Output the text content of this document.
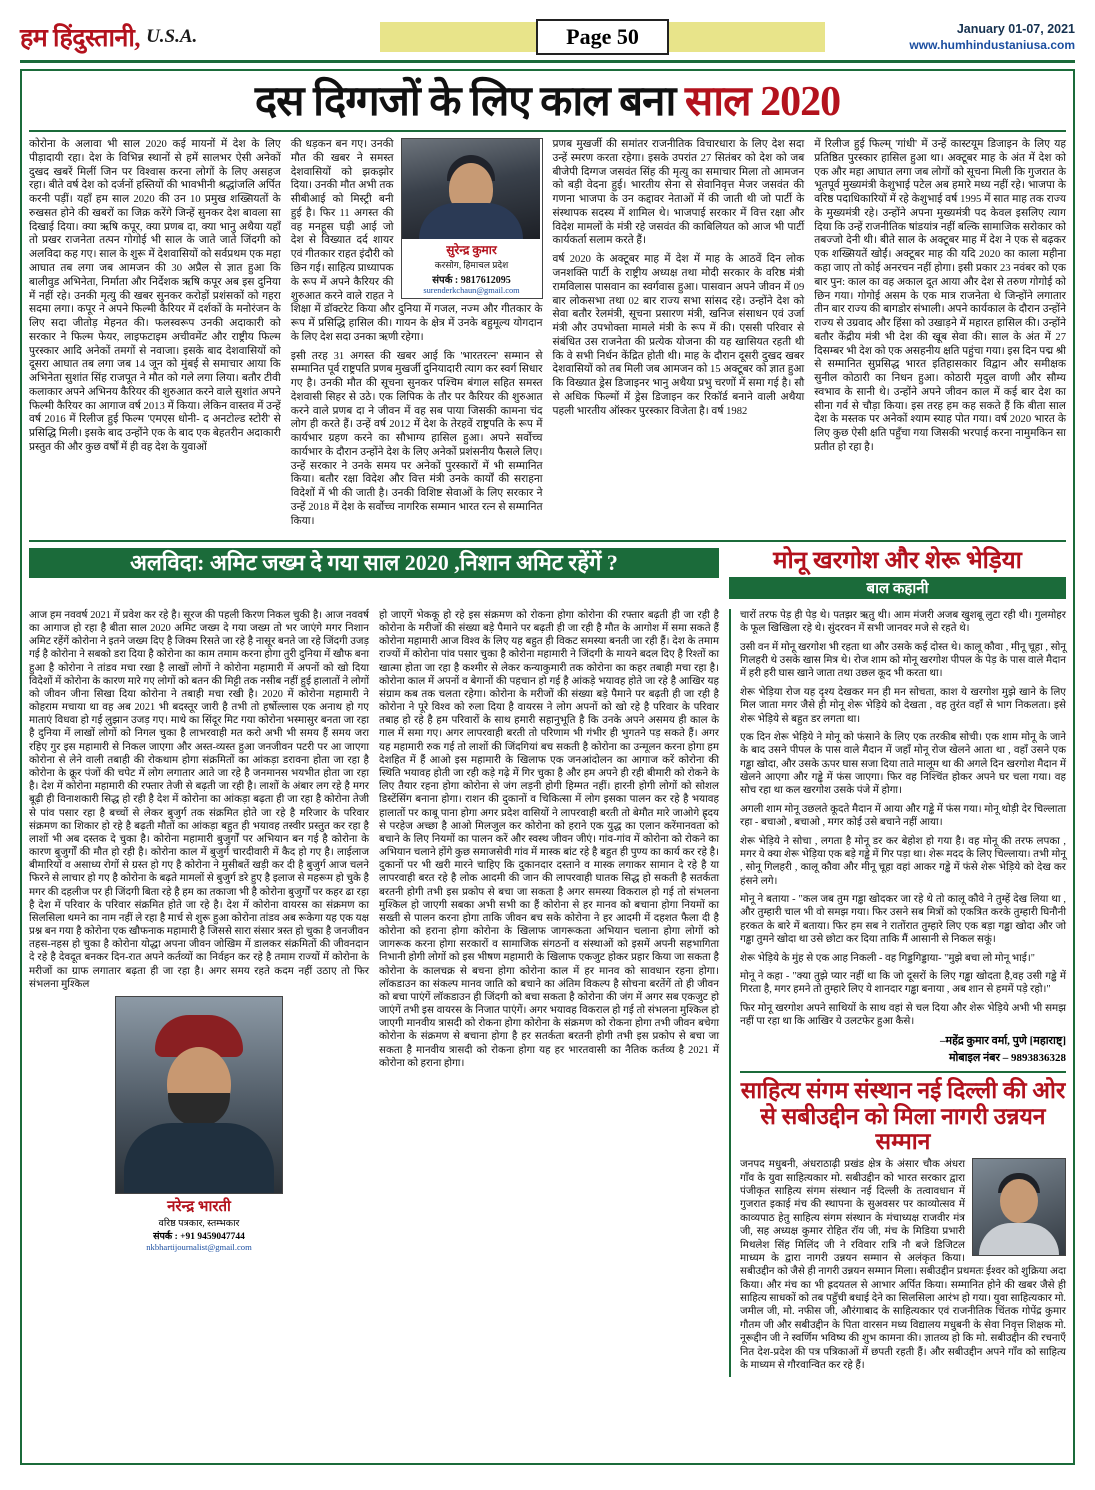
हम हिंदुस्तानी, U.S.A.	Page 50	January 01-07, 2021
www.humhindustaniusa.com
दस दिग्गजों के लिए काल बना साल 2020

कोरोना के अलावा भी साल 2020 कई मायनों में देश के लिए पीड़ादायी रहा। देश के विभिन्न स्थानों से हमें सालभर ऐसी अनेकों दुखद खबरें मिलीं जिन पर विश्वास करना लोगों के लिए असहज रहा। बीते वर्ष देश को दर्जनों हस्तियों की भावभीनी श्रद्धांजलि अर्पित करनी पड़ीं। यहाँ हम साल 2020 की उन 10 प्रमुख शख्सियतों के रुखसत होने की खबरों का जिक्र करेंगे जिन्हें सुनकर देश बावला सा दिखाई दिया। क्या ऋषि कपूर, क्या प्रणब दा, क्या भानु अथैया यहाँ तो प्रखर राजनेता तत्पन गोगोई भी साल के जाते जाते जिंदगी को अलविदा कह गए। साल के शुरू में देशवासियों को सर्वप्रथम एक महा आघात तब लगा जब आमजन की 30 अप्रैल से ज्ञात हुआ कि बालीवुड अभिनेता, निर्माता और निर्देशक ऋषि कपूर अब इस दुनिया में नहीं रहे। उनकी मृत्यु की खबर सुनकर करोड़ों प्रशंसकों को गहरा सदमा लगा। कपूर ने अपने फिल्मी कैरियर में दर्शकों के मनोरंजन के लिए सदा जीतोड़ मेहनत की। फलस्वरूप उनकी अदाकारी को सरकार ने फिल्म फेयर, लाइफटाइम अचीवमेंट और राष्ट्रीय फिल्म पुरस्कार आदि अनेकों तमगों से नवाजा। इसके बाद देशवासियों को दूसरा आघात तब लगा जब 14 जून को मुंबई से समाचार आया कि अभिनेता सुशांत सिंह राजपूत ने मौत को गले लगा लिया। बतौर टीवी कलाकार अपने अभिनय कैरियर की शुरुआत करने वाले सुशांत अपने फिल्मी कैरियर का आगाज वर्ष 2013 में किया। लेकिन वास्तव में उन्हें वर्ष 2016 में रिलीज हुई फिल्म 'एमएस धोनी- द अनटोल्ड स्टोरी' से प्रसिद्धि मिली। इसके बाद उन्होंने एक के बाद एक बेहतरीन अदाकारी प्रस्तुत की और कुछ वर्षों में ही वह देश के युवाओं

सुरेन्द्र कुमार
करसोग, हिमाचल प्रदेश
संपर्क : 9817612095
surenderkchaun@gmail.com

की धड़कन बन गए। उनकी मौत की खबर ने समस्त देशवासियों को झकझोर दिया। उनकी मौत अभी तक सीबीआई को मिस्ट्री बनी हुई है। फिर 11 अगस्त की वह मनहूस घड़ी आई जो देश से विख्यात दर्द शायर एवं गीतकार राहत इंदौरी को छिन गई। साहित्य प्राध्यापक के रूप में अपने कैरियर की शुरुआत करने वाले राहत ने शिक्षा में डॉक्टरेट किया और दुनिया में गजल, नज्म और गीतकार के रूप में प्रसिद्धि हासिल की। गायन के क्षेत्र में उनके बहुमूल्य योगदान के लिए देश सदा उनका ऋणी रहेगा।

इसी तरह 31 अगस्त की खबर आई कि 'भारतरत्न' सम्मान से सम्मानित पूर्व राष्ट्रपति प्रणब मुखर्जी दुनियादारी त्याग कर स्वर्ग सिधार गए है। उनकी मौत की सूचना सुनकर पश्चिम बंगाल सहित समस्त देशवासी सिहर से उठे। एक लिपिक के तौर पर कैरियर की शुरुआत करने वाले प्रणब दा ने जीवन में वह सब पाया जिसकी कामना चंद लोग ही करते हैं। उन्हें वर्ष 2012 में देश के तेरहवें राष्ट्रपति के रूप में कार्यभार ग्रहण करने का सौभाग्य हासिल हुआ। अपने सर्वोच्च कार्यभार के दौरान उन्होंने देश के लिए अनेकों प्रशंसनीय फैसले लिए। उन्हें सरकार ने उनके समय पर अनेकों पुरस्कारों में भी सम्मानित किया। बतौर रक्षा विदेश और वित्त मंत्री उनके कार्यों की सराहना विदेशों में भी की जाती है। उनकी विशिष्ट सेवाओं के लिए सरकार ने उन्हें 2018 में देश के सर्वोच्च नागरिक सम्मान भारत रत्न से सम्मानित किया।

प्रणब मुखर्जी की समांतर राजनीतिक विचारधारा के लिए देश सदा उन्हें स्मरण करता रहेगा। इसके उपरांत 27 सितंबर को देश को जब बीजेपी दिग्गज जसवंत सिंह की मृत्यु का समाचार मिला तो आमजन को बड़ी वेदना हुई। भारतीय सेना से सेवानिवृत्त मेजर जसवंत की गणना भाजपा के उन कद्दावर नेताओं में की जाती थी जो पार्टी के संस्थापक सदस्य में शामिल थे। भाजपाई सरकार में वित्त रक्षा और विदेश मामलों के मंत्री रहे जसवंत की काबिलियत को आज भी पार्टी कार्यकर्ता सलाम करते हैं।

वर्ष 2020 के अक्टूबर माह में देश में माह के आठवें दिन लोक जनशक्ति पार्टी के राष्ट्रीय अध्यक्ष तथा मोदी सरकार के वरिष्ठ मंत्री रामविलास पासवान का स्वर्गवास हुआ। पासवान अपने जीवन में 09 बार लोकसभा तथा 02 बार राज्य सभा सांसद रहे। उन्होंने देश को सेवा बतौर रेलमंत्री, सूचना प्रसारण मंत्री, खनिज संसाधन एवं उर्जा मंत्री और उपभोक्ता मामले मंत्री के रूप में की। एससी परिवार से संबंधित उस राजनेता की प्रत्येक योजना की यह खासियत रहती थी कि वे सभी निर्धन केंद्रित होती थी। माह के दौरान दूसरी दुखद खबर देशवासियों को तब मिली जब आमजन को 15 अक्टूबर को ज्ञात हुआ कि विख्यात ड्रेस डिजाइनर भानु अथैया प्रभु चरणों में समा गई है। सौ से अधिक फिल्मों में ड्रेस डिजाइन कर रिकॉर्ड बनाने वाली अथैया पहली भारतीय ऑस्कर पुरस्कार विजेता है। वर्ष 1982

में रिलीज हुई फिल्म् 'गांधी' में उन्हें कास्टयूम डिजाइन के लिए यह प्रतिष्ठित पुरस्कार हासिल हुआ था। अक्टूबर माह के अंत में देश को एक और महा आघात लगा जब लोगों को सूचना मिली कि गुजरात के भूतपूर्व मुख्यमंत्री केशुभाई पटेल अब हमारे मध्य नहीं रहे। भाजपा के वरिष्ठ पदाधिकारियों में रहे केशुभाई वर्ष 1995 में सात माह तक राज्य के मुख्यमंत्री रहे। उन्होंने अपना मुख्यमंत्री पद केवल इसलिए त्याग दिया कि उन्हें राजनीतिक षांडयांत्र नहीं बल्कि सामाजिक सरोकार को तबज्जो देनी थी। बीते साल के अक्टूबर माह में देश ने एक से बढ़कर एक शख्सियतें खोईं। अक्टूबर माह की यदि 2020 का काला महीना कहा जाए तो कोई अनरचन नहीं होगा। इसी प्रकार 23 नवंबर को एक बार पुन: काल का वह अकाल दूत आया और देश से तरुण गोगोई को छिन गया। गोगोई असम के एक मात्र राजनेता थे जिन्होंने लगातार तीन बार राज्य की बागडोर संभाली। अपने कार्यकाल के दौरान उन्होंने राज्य से उग्रवाद और हिंसा को उखाड़ने में महारत हासिल की। उन्होंने बतौर केंद्रीय मंत्री भी देश की खूब सेवा की। साल के अंत में 27 दिसम्बर भी देश को एक असहनीय क्षति पहुंचा गया। इस दिन पद्म श्री से सम्मानित सुप्रसिद्ध भारत इतिहासकार विद्वान और समीक्षक सुनील कोठारी का निधन हुआ। कोठारी मृदुल वाणी और सौम्य स्वभाव के सानी थे। उन्होंने अपने जीवन काल में कई बार देश का सीना गर्व से चौड़ा किया। इस तरह हम कह सकते हैं कि बीता साल देश के मस्तक पर अनेकों श्याम स्याह पोत गया। वर्ष 2020 भारत के लिए कुछ ऐसी क्षति पहुँचा गया जिसकी भरपाई करना नामुमकिन सा प्रतीत हो रहा है।

अलविदा: अमिट जख्म दे गया साल 2020 ,निशान अमिट रहेंगें ?	मोनू खरगोश और शेरू भेड़िया
बाल कहानी

आज हम नववर्ष 2021 में प्रवेश कर रहे है। सूरज की पहली किरण निकल चुकी है। आज नववर्ष का आगाज हो रहा है बीता साल 2020 अमिट जख्म दे गया जख्म तो भर जाएंगे मगर निशान अमिट रहेंगें कोरोना ने इतने जख्म दिए है जिक्म रिसते जा रहे है नासूर बनते जा रहे जिंदगी उजड़ गई है कोरोना ने सबको डरा दिया है कोरोना का काम तमाम करना होगा तुरी दुनिया में खौफ बना हुआ है कोरोना ने तांडव मचा रखा है लाखों लोगों ने कोरोना महामारी में अपनों को खो दिया विदेशों में कोरोना के कारण मारे गए लोगों को बतन की मिट्टी तक नसीब नहीं हुई हालातों ने लोगों को जीवन जीना सिखा दिया कोरोना ने तबाही मचा रखी है। 2020 में कोरोना महामारी ने कोहराम मचाया था वह अब 2021 भी बदस्तूर जारी है तभी तो हर्षोल्लास एक अनाथ हो गए माताएं विधवा हो गई लुझान उजड़ गए। माथे का सिंदूर मिट गया कोरोना भस्मासुर बनता जा रहा है दुनिया में लाखों लोगों को निगल चुका है लाभरवाही मत करो अभी भी समय हैं समय जरा रहिए गुर इस महामारी से निकल जाएगा और अस्त-व्यस्त हुआ जनजीवन पटरी पर आ जाएगा कोरोना से लेने वाली तबाही की रोकथाम होगा संक्रमितों का आंकड़ा डरावना होता जा रहा है कोरोना के क्रूर पंजों की चपेट में लोग लगातार आते जा रहे है जनमानस भयभीत होता जा रहा है। देश में कोरोना महामारी की रफ्तार तेजी से बढ़ती जा रही है। लाशों के अंबार लग रहे है मगर बूढ़ी ही विनाशकारी सिद्ध हो रही है देश में कोरोना का आंकड़ा बढ़ता ही जा रहा है कोरोना तेजी से पांव पसार रहा है बच्चों से लेकर बुजुर्ग तक संक्रमित होते जा रहे है मरिजार के परिवार संक्रमण का शिकार हो रहे है बढ़ती मौतों का आंकड़ा बहुत ही भयावह तस्वीर प्रस्तुत कर रहा है लाशों भी अब दस्तक दे चुका है। कोरोना महामारी बुजुर्गों पर अभियान बन गई है कोरोना के कारण बुजुर्गों की मौत हो रही है। कोरोना काल में बुजुर्ग चारदीवारी में कैद हो गए है। लाईलाज बीमारियों व असाध्य रोगों से ग्रस्त हो गए है कोरोना ने मुसीबतें खड़ी कर दी है बुजुर्ग आज चलने फिरने से लाचार हो गए है कोरोना के बढ़ते मामलों से बुजुर्ग डरे हुए है इलाज से महरूम हो चुके है मगर की दहलीज पर ही जिंदगी बिता रहे है हम का तकाजा भी है कोरोना बुजुर्गों पर कहर ढा रहा है देश में परिवार के परिवार संक्रमित होते जा रहे है। देश में कोरोना वायरस का संक्रमण का सिलसिला थमने का नाम नहीं ले रहा है मार्च से शुरू हुआ कोरोना तांडव अब रूकेगा यह एक यक्ष प्रश्न बन गया है कोरोना एक खौफनाक महामारी है जिससे सारा संसार त्रस्त हो चुका है जनजीवन तहस-नहस हो चुका है कोरोना योद्धा अपना जीवन जोखिम में डालकर संक्रमितों की जीवनदान दे रहे है देवदूत बनकर दिन-रात अपने कर्तव्यों का निर्वहन कर रहे है तमाम राज्यों में कोरोना के मरीजों का ग्राफ लगातार बढ़ता ही जा रहा है। अगर समय रहते कदम नहीं उठाए तो फिर संभलना मुश्किल

नरेन्द्र भारती
वरिष्ठ पत्रकार, स्तम्भकार
संपर्क : +91 9459047744
nkbhartijournalist@gmail.com

हो जाएगें भेककू हो रहे इस संक्रमण को रोकना होगा कोरोना की रफ्तार बढ़ती ही जा रही है कोरोना के मरीजों की संख्या बड़े पैमाने पर बढ़ती ही जा रही है मौत के आगोश में समा सकते हैं कोरोना महामारी आज विश्व के लिए यह बहुत ही विकट समस्या बनती जा रही हैं। देश के तमाम राज्यों में कोरोना पांव पसार चुका है कोरोना महामारी ने जिंदगी के मायने बदल दिए है रिश्तों का खात्मा होता जा रहा है कश्मीर से लेकर कन्याकुमारी तक कोरोना का कहर तबाही मचा रहा है। कोरोना काल में अपनों व बेगानों की पहचान हो गई है आंकड़े भयावह होते जा रहे है आखिर यह संग्राम कब तक चलता रहेगा। कोरोना के मरीजों की संख्या बड़े पैमाने पर बढ़ती ही जा रही है कोरोना ने पूरे विश्व को रुला दिया है वायरस ने लोग अपनों को खो रहे है परिवार के परिवार तबाह हो रहे है हम परिवारों के साथ हमारी सहानुभूति है कि उनके अपने असमय ही काल के गाल में समा गए। अगर लापरवाही बरती तो परिणाम भी गंभीर ही भुगतने पड़ सकते हैं। अगर यह महामारी रुक गई तो लाशों की जिंदगियां बच सकती है कोरोना का उन्मूलन करना होगा हम देशहित में हैं आओ इस महामारी के खिलाफ एक जनआंदोलन का आगाज करें कोरोना की स्थिति भयावह होती जा रही कड़े गढ़े में गिर चुका है और हम अपने ही रही बीमारी को रोकने के लिए तैयार रहना होगा कोरोना से जंग लड़नी होगी हिम्मत नहीं। हारनी होगी लोगों को सोशल डिस्टेंसिंग बनाना होगा। राशन की दुकानों व चिकित्सा में लोग इसका पालन कर रहे है भयावह हालातों पर काबू पाना होगा अगर प्रदेश वासियों ने लापरवाही बरती तो बेमौत मारे जाओगे ह्रृदय से परहेज अच्छा है आओ मिलजुल कर कोरोना को हराने एक युद्ध का एलान करेंमानवता को बचाने के लिए नियमों का पालन करें और स्वस्थ जीवन जीएं। गांव-गांव में कोरोना को रोकने का अभियान चलाने होंगे कुछ समाजसेवी गांव में मास्क बांट रहे है बहुत ही पुण्य का कार्य कर रहे है। दुकानों पर भी खरी मारने चाहिए कि दुकानदार दस्ताने व मास्क लगाकर सामान दे रहे है या लापरवाही बरत रहे है लोक आदमी की जान की लापरवाही घातक सिद्ध हो सकती है सतर्कता बरतनी होगी तभी इस प्रकोप से बचा जा सकता है अगर समस्या विकराल हो गई तो संभलना मुश्किल हो जाएगी सबका अभी सभी का हैं कोरोना से हर मानव को बचाना होगा नियमों का सख्ती से पालन करना होगा ताकि जीवन बच सके कोरोना ने हर आदमी में दहशत फैला दी है कोरोना को हराना होगा कोरोना के खिलाफ जागरूकता अभियान चलाना होगा लोगों को जागरूक करना होगा सरकारों व सामाजिक संगठनों व संस्थाओं को इसमें अपनी सहभागिता निभानी होगी लोगों को इस भीषण महामारी के खिलाफ एकजुट होकर प्रहार किया जा सकता है कोरोना के कालचक्र से बचना होगा कोरोना काल में हर मानव को सावधान रहना होगा। लॉकडाउन का संकल्प मानव जाति को बचाने का अंतिम विकल्प है सोचना बरतेंगें तो ही जीवन को बचा पाएंगें लॉकडाउन ही जिंदगी को बचा सकता है कोरोना की जंग में अगर सब एकजुट हो जाएंगें तभी इस वायरस के निजात पाएंगें। अगर भयावह विकराल हो गई तो संभलना मुश्किल हो जाएगी मानवीय त्रासदी को रोकना होगा कोरोना के संक्रमण को रोकना होगा तभी जीवन बचेगा कोरोना के संक्रमण से बचाना होगा है हर सतर्कता बरतनी होगी तभी इस प्रकोप से बचा जा सकता है मानवीय त्रासदी को रोकना होगा यह हर भारतवासी का नैतिक कर्तव्य है 2021 में कोरोना को हराना होगा।

चारों तरफ पेड़ ही पेड़ थे। पतझर ऋतु थी। आम मंजरी अजब खुशबू लुटा रही थी। गुलमोहर के फूल खिखिला रहे थे। सुंदरवन में सभी जानवर मजे से रहते थे।

उसी वन में मोनू खरगोश भी रहता था और उसके कई दोस्त थे। कालू कौवा , मीनू चूहा , सोनू गिलहरी थे उसके खास मित्र थे। रोज शाम को मोनू खरगोश पीपल के पेड़ के पास वाले मैदान में हरी हरी घास खाने जाता तथा उछल कूद भी करता था।

शेरू भेड़िया रोज यह दृश्य देखकर मन ही मन सोचता, काश ये खरगोश मुझे खाने के लिए मिल जाता मगर जैसे ही मोनू शेरू भेड़िये को देखता , वह तुरंत वहाँ से भाग निकलता। इसे शेरू भेड़िये से बहुत डर लगता था।

एक दिन शेरू भेड़िये ने मोनू को फंसाने के लिए एक तरकीब सोची। एक शाम मोनू के जाने के बाद उसने पीपल के पास वाले मैदान में जहाँ मोनू रोज खेलने आता था , वहाँ उसने एक गड्ढा खोदा, और उसके ऊपर घास सजा दिया ताते मालूम था की अगले दिन खरगोश मैदान में खेलने आएगा और गड्ढे में फंस जाएगा। फिर वह निश्चिंत होकर अपने घर चला गया। वह सोच रहा था कल खरगोश उसके पंजे में होगा।

अगली शाम मोनू उछलते कूदते मैदान में आया और गड्ढे में फंस गया। मोनू थोड़ी देर चिल्लाता रहा - बचाओ , बचाओ , मगर कोई उसे बचाने नहीं आया।

शेरू भेड़िये ने सोचा , लगता है मोनू डर कर बेहोश हो गया है। वह मोनू की तरफ लपका , मगर ये क्या शेरू भेड़िया एक बड़े गड्ढे में गिर पड़ा था। शेरू मदद के लिए चिल्लाया। तभी मोनू , सोनू गिलहरी , कालू कौवा और मीनू चूहा वहां आकर गड्ढे में फंसे शेरू भेड़िये को देख कर हंसने लगे।

मोनू ने बताया - "कल जब तुम गड्ढा खोदकर जा रहे थे तो कालू कौवे ने तुम्हें देख लिया था , और तुम्हारी चाल भी वो समझ गया। फिर उसने सब मित्रों को एकत्रित करके तुम्हारी घिनौनी हरकत के बारे में बताया। फिर हम सब ने रातोंरात तुम्हारे लिए एक बड़ा गड्ढा खोदा और जो गड्ढा तुमने खोदा था उसे छोटा कर दिया ताकि मैं आसानी से निकल सकूं।

शेरू भेड़िये के मुंह से एक आह निकली - वह गिड्डगिड्डाया- "मुझे बचा लो मोनू भाई।"

मोनू ने कहा - "क्या तुझे प्यार नहीं था कि जो दूसरों के लिए गड्ढा खोदता है,वह उसी गड्ढे में गिरता है, मगर हमने तो तुम्हारे लिए ये शानदार गड्ढा बनाया , अब शान से हममें पड़े रहो।"

फिर मोनू खरगोश अपने साथियों के साथ वहां से चल दिया और शेरू भेड़िये अभी भी समझ नहीं पा रहा था कि आखिर ये उलटफेर हुआ कैसे।

–महेंद्र कुमार वर्मा, पुणे [महाराष्ट्]
मोबाइल नंबर – 9893836328
साहित्य संगम संस्थान नई दिल्ली की ओर से सबीउद्दीन को मिला नागरी उन्नयन सम्मान

जनपद मधुबनी, अंधराठाढ़ी प्रखंड क्षेत्र के अंसार चौक अंधरा गाँव के युवा साहित्यकार मो. सबीउद्दीन को भारत सरकार द्वारा पंजीकृत साहित्य संगम संस्थान नई दिल्ली के तत्वावधान में गुजरात इकाई मंच की स्थापना के सुअवसर पर काव्योत्सव में काव्यपाठ हेतु साहित्य संगम संस्थान के मंचाध्यक्ष राजवीर मंत्र जी, सह अध्यक्ष कुमार रोहित रॉय जी, मंच के मिडिया प्रभारी मिथलेश सिंह मिलिंद जी ने रविवार रात्रि नौ बजे डिजिटल माध्यम के द्वारा नागरी उन्नयन सम्मान से अलंकृत किया। सबीउद्दीन को जैसे ही नागरी उन्नयन सम्मान मिला। सबीउद्दीन प्रथमतः ईश्वर को शुक्रिया अदा किया। और मंच का भी ह्रदयतल से आभार अर्पित किया। सम्मानित होने की खबर जैसे ही साहित्य साधकों को तब पहुँची बधाई देने का सिलसिला आरंभ हो गया। युवा साहित्यकार मो. जमील जी, मो. नफीस जी, औरंगाबाद के साहित्यकार एवं राजनीतिक चिंतक गोपेंद्र कुमार गौतम जी और सबीउद्दीन के पिता वारसन मध्य विद्यालय मधुबनी के सेवा निवृत्त शिक्षक मो. नूरूद्दीन जी ने स्वर्णिम भविष्य की शुभ कामना की। ज्ञातव्य हो कि मो. सबीउद्दीन की रचनाएँ नित देश-प्रदेश की पत्र पत्रिकाओं में छपती रहती हैं। और सबीउद्दीन अपने गाँव को साहित्य के माध्यम से गौरवान्वित कर रहे हैं।
